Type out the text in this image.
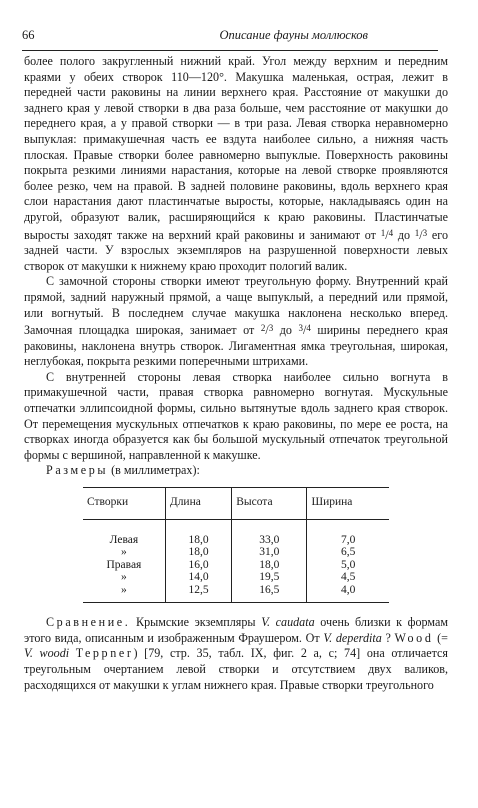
66	Описание фауны моллюсков

более полого закругленный нижний край. Угол между верхним и передним краями у обеих створок 110—120°. Макушка маленькая, острая, лежит в передней части раковины на линии верхнего края. Расстояние от макушки до заднего края у левой створки в два раза больше, чем расстояние от макушки до переднего края, а у правой створки — в три раза. Левая створка неравномерно выпуклая: примакушечная часть ее вздута наиболее сильно, а нижняя часть плоская. Правые створки более равномерно выпуклые. Поверхность раковины покрыта резкими линиями нарастания, которые на левой створке проявляются более резко, чем на правой. В задней половине раковины, вдоль верхнего края слои нарастания дают пластинчатые выросты, которые, накладываясь один на другой, образуют валик, расширяющийся к краю раковины. Пластинчатые выросты заходят также на верхний край раковины и занимают от $^1$/$^4$ до $^1$/$^3$ его задней части. У взрослых экземпляров на разрушенной поверхности левых створок от макушки к нижнему краю проходит пологий валик.

С замочной стороны створки имеют треугольную форму. Внутренний край прямой, задний наружный прямой, а чаще выпуклый, а передний или прямой, или вогнутый. В последнем случае макушка наклонена несколько вперед. Замочная площадка широкая, занимает от $^2$/$^3$ до $^3$/$^4$ ширины переднего края раковины, наклонена внутрь створок. Лигаментная ямка треугольная, широкая, неглубокая, покрыта резкими поперечными штрихами.

С внутренней стороны левая створка наиболее сильно вогнута в примакушечной части, правая створка равномерно вогнутая. Мускульные отпечатки эллипсоидной формы, сильно вытянутые вдоль заднего края створок. От перемещения мускульных отпечатков к краю раковины, по мере ее роста, на створках иногда образуется как бы большой мускульный отпечаток треугольной формы с вершиной, направленной к макушке.

Размеры (в миллиметрах):

Створки	Длина	Высота	Ширина

Левая	18,0	33,0	7,0
»	18,0	31,0	6,5
Правая	16,0	18,0	5,0
»	14,0	19,5	4,5
»	12,5	16,5	4,0

Сравнение. Крымские экземпляры V. caudata очень близки к формам этого вида, описанным и изображенным Фраушером. От V. deperdita ? Wood (= V. woodi Teppner) [79, стр. 35, табл. IX, фиг. 2 а, с; 74] она отличается треугольным очертанием левой створки и отсутствием двух валиков, расходящихся от макушки к углам нижнего края. Правые створки треугольного
